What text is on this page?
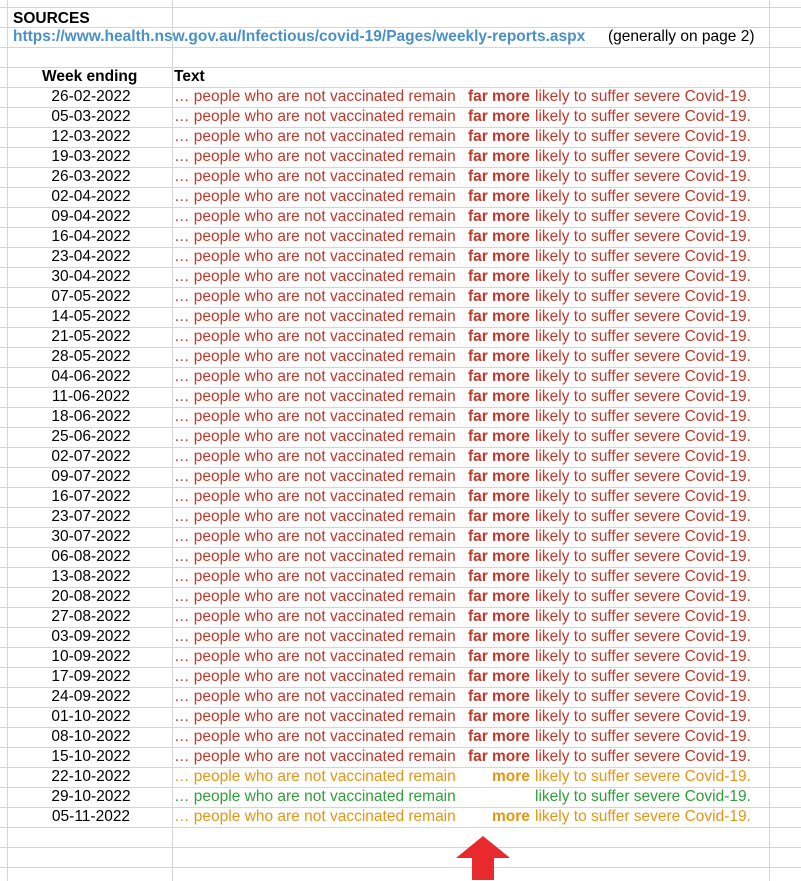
SOURCES
https://www.health.nsw.gov.au/Infectious/covid-19/Pages/weekly-reports.aspx (generally on page 2)
Week ending Text
26-02-2022	… people who are not vaccinated remain far more likely to suffer severe Covid-19.
05-03-2022	… people who are not vaccinated remain far more likely to suffer severe Covid-19.
12-03-2022	… people who are not vaccinated remain far more likely to suffer severe Covid-19.
19-03-2022	… people who are not vaccinated remain far more likely to suffer severe Covid-19.
26-03-2022	… people who are not vaccinated remain far more likely to suffer severe Covid-19.
02-04-2022	… people who are not vaccinated remain far more likely to suffer severe Covid-19.
09-04-2022	… people who are not vaccinated remain far more likely to suffer severe Covid-19.
16-04-2022	… people who are not vaccinated remain far more likely to suffer severe Covid-19.
23-04-2022	… people who are not vaccinated remain far more likely to suffer severe Covid-19.
30-04-2022	… people who are not vaccinated remain far more likely to suffer severe Covid-19.
07-05-2022	… people who are not vaccinated remain far more likely to suffer severe Covid-19.
14-05-2022	… people who are not vaccinated remain far more likely to suffer severe Covid-19.
21-05-2022	… people who are not vaccinated remain far more likely to suffer severe Covid-19.
28-05-2022	… people who are not vaccinated remain far more likely to suffer severe Covid-19.
04-06-2022	… people who are not vaccinated remain far more likely to suffer severe Covid-19.
11-06-2022	… people who are not vaccinated remain far more likely to suffer severe Covid-19.
18-06-2022	… people who are not vaccinated remain far more likely to suffer severe Covid-19.
25-06-2022	… people who are not vaccinated remain far more likely to suffer severe Covid-19.
02-07-2022	… people who are not vaccinated remain far more likely to suffer severe Covid-19.
09-07-2022	… people who are not vaccinated remain far more likely to suffer severe Covid-19.
16-07-2022	… people who are not vaccinated remain far more likely to suffer severe Covid-19.
23-07-2022	… people who are not vaccinated remain far more likely to suffer severe Covid-19.
30-07-2022	… people who are not vaccinated remain far more likely to suffer severe Covid-19.
06-08-2022	… people who are not vaccinated remain far more likely to suffer severe Covid-19.
13-08-2022	… people who are not vaccinated remain far more likely to suffer severe Covid-19.
20-08-2022	… people who are not vaccinated remain far more likely to suffer severe Covid-19.
27-08-2022	… people who are not vaccinated remain far more likely to suffer severe Covid-19.
03-09-2022	… people who are not vaccinated remain far more likely to suffer severe Covid-19.
10-09-2022	… people who are not vaccinated remain far more likely to suffer severe Covid-19.
17-09-2022	… people who are not vaccinated remain far more likely to suffer severe Covid-19.
24-09-2022	… people who are not vaccinated remain far more likely to suffer severe Covid-19.
01-10-2022	… people who are not vaccinated remain far more likely to suffer severe Covid-19.
08-10-2022	… people who are not vaccinated remain far more likely to suffer severe Covid-19.
15-10-2022	… people who are not vaccinated remain far more likely to suffer severe Covid-19.
22-10-2022	… people who are not vaccinated remain more likely to suffer severe Covid-19.
29-10-2022	… people who are not vaccinated remain	likely to suffer severe Covid-19.
05-11-2022	… people who are not vaccinated remain more likely to suffer severe Covid-19.
